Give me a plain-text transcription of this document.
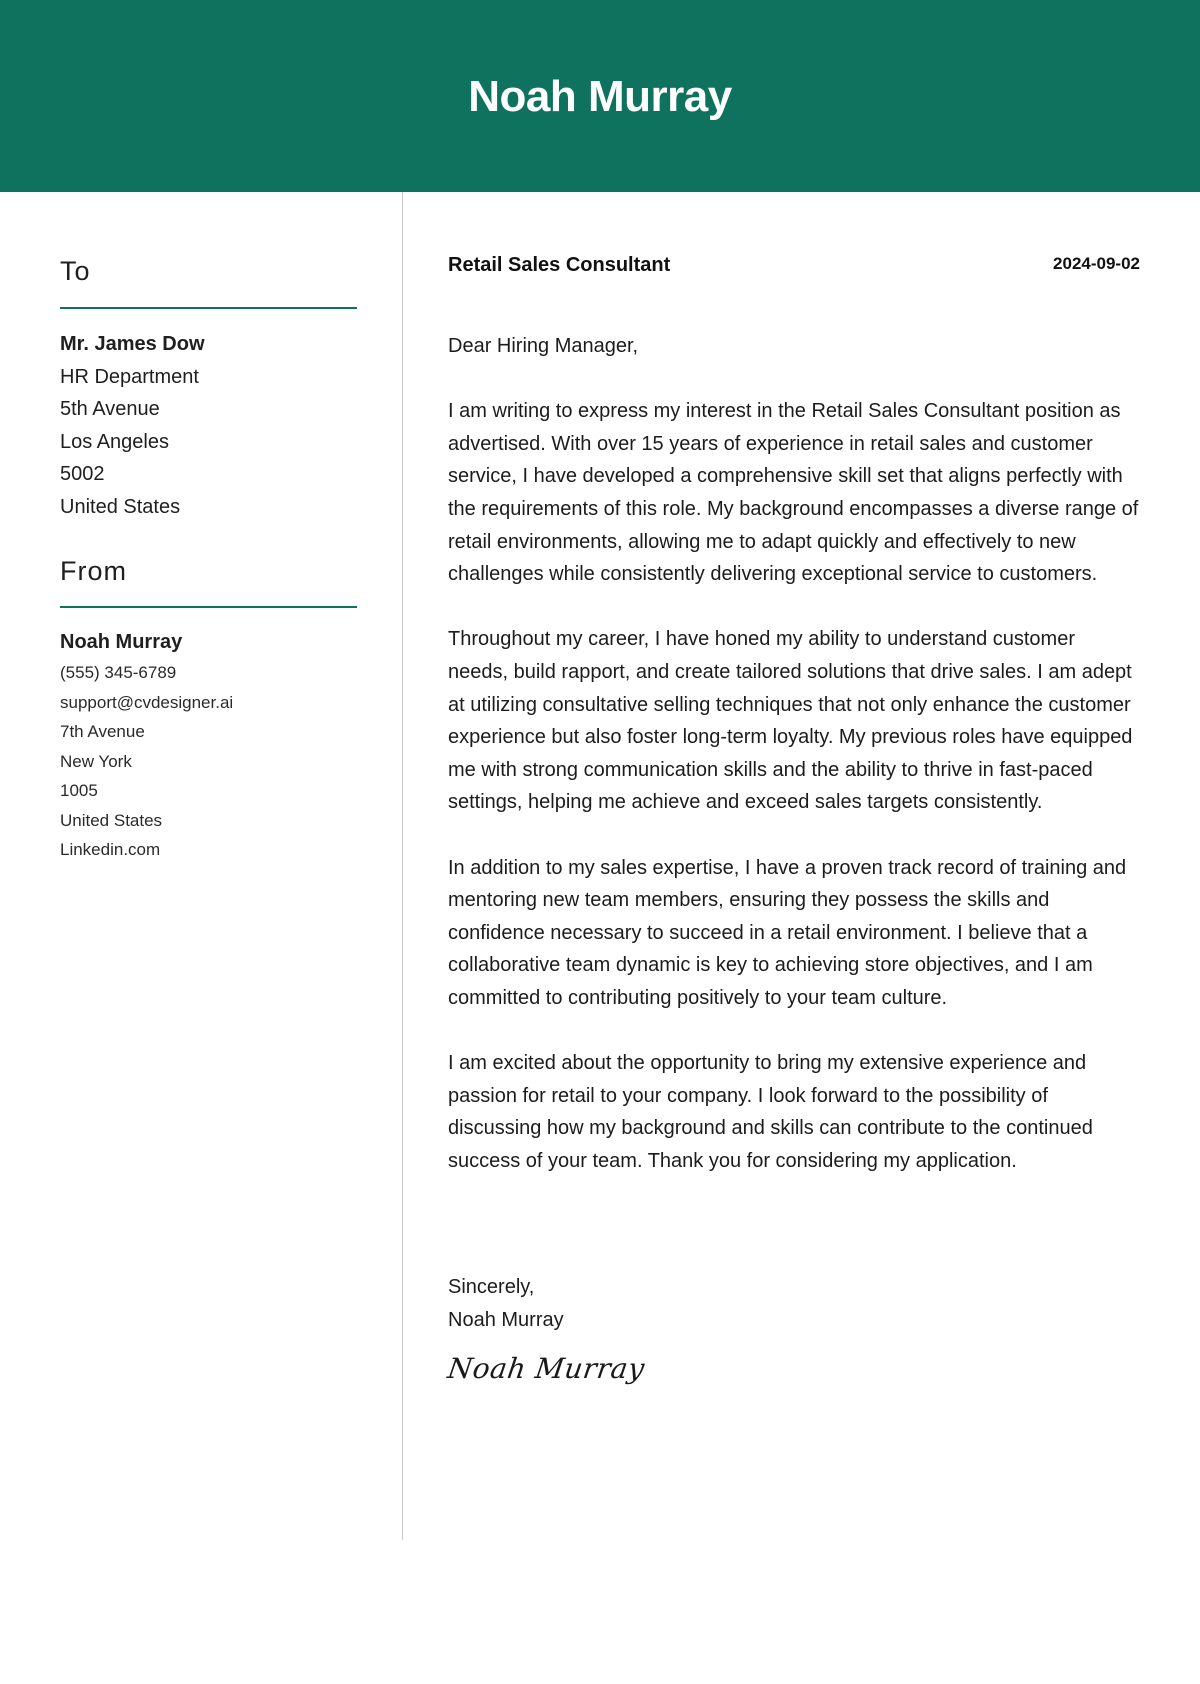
Noah Murray
To
Mr. James Dow
HR Department
5th Avenue
Los Angeles
5002
United States
From
Noah Murray
(555) 345-6789
support@cvdesigner.ai
7th Avenue
New York
1005
United States
Linkedin.com
Retail Sales Consultant	2024-09-02

Dear Hiring Manager,

I am writing to express my interest in the Retail Sales Consultant position as advertised. With over 15 years of experience in retail sales and customer service, I have developed a comprehensive skill set that aligns perfectly with the requirements of this role. My background encompasses a diverse range of retail environments, allowing me to adapt quickly and effectively to new challenges while consistently delivering exceptional service to customers.

Throughout my career, I have honed my ability to understand customer needs, build rapport, and create tailored solutions that drive sales. I am adept at utilizing consultative selling techniques that not only enhance the customer experience but also foster long-term loyalty. My previous roles have equipped me with strong communication skills and the ability to thrive in fast-paced settings, helping me achieve and exceed sales targets consistently.

In addition to my sales expertise, I have a proven track record of training and mentoring new team members, ensuring they possess the skills and confidence necessary to succeed in a retail environment. I believe that a collaborative team dynamic is key to achieving store objectives, and I am committed to contributing positively to your team culture.

I am excited about the opportunity to bring my extensive experience and passion for retail to your company. I look forward to the possibility of discussing how my background and skills can contribute to the continued success of your team. Thank you for considering my application.

Sincerely,
Noah Murray
Noah Murray
